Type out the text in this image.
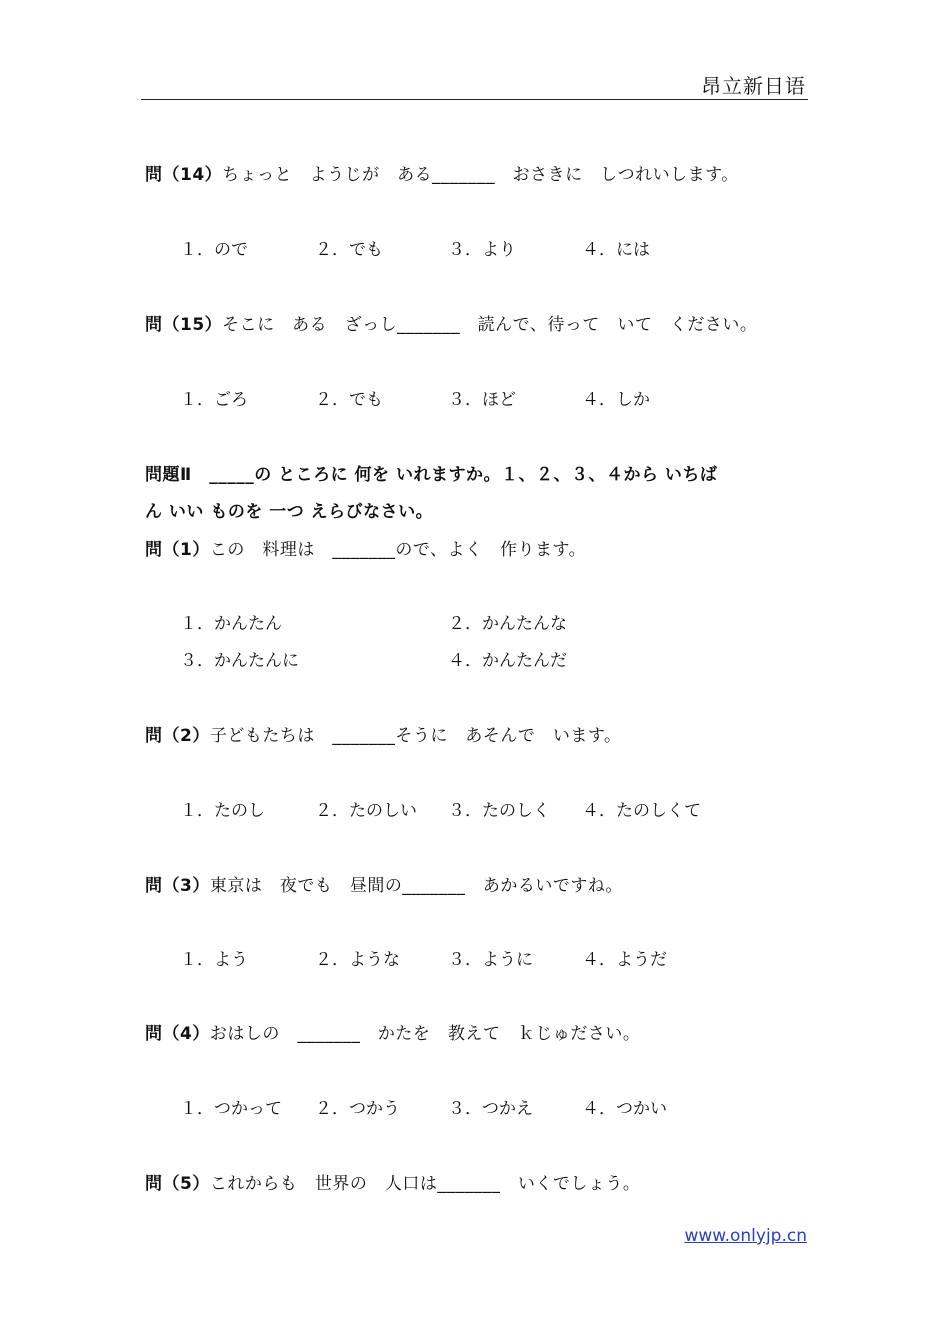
昂立新日语
問（14）ちょっと　ようじが　ある_______　おさきに　しつれいします。
１．ので	２．でも	３．より	４．には
問（15）そこに　ある　ざっし_______　読んで、待って　いて　ください。
１．ごろ	２．でも	３．ほど	４．しか
問題Ⅱ　_____の ところに 何を いれますか。１、２、３、４から いちば
ん いい ものを 一つ えらびなさい。
問（1）この　料理は　_______ので、よく　作ります。
１．かんたん	２．かんたんな
３．かんたんに	４．かんたんだ
問（2）子どもたちは　_______そうに　あそんで　います。
１．たのし	２．たのしい ３．たのしく ４．たのしくて
問（3）東京は　夜でも　昼間の_______　あかるいですね。
１．よう	２．ような	３．ように	４．ようだ
問（4）おはしの　_______　かたを　教えて　ｋじゅださい。
１．つかって ２．つかう	３．つかえ	４．つかい
問（5）これからも　世界の　人口は_______　いくでしょう。
www.onlyjp.cn
